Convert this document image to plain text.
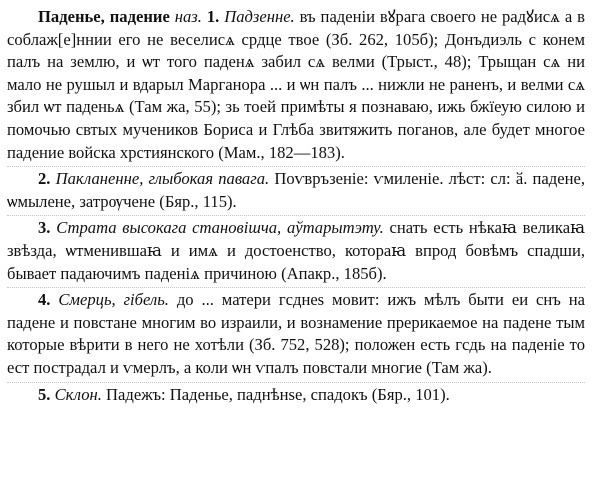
Паденье, падение наз. 1. Падзенне. въ паденiи вꙋрага своего не радꙋисѧ а в соблаж[е]ннии его не веселисѧ срдце твое (Зб. 262, 105б); Донъдиэль с конем палъ на землю, и ѡт того паденѧ забил сѧ велми (Трыст., 48); Трыщан сѧ ни мало не рушыл и вдарыл Марганора ... и ѡн палъ ... нижли не раненъ, и велми сѧ збил ѡт паденьѧ (Там жа, 55); зь тоей примѣты я познаваю, ижь бжїеую силою и помочью свтых мучеников Бориса и Глѣба звитяжить поганов, але будет многое падение войска хрстиянского (Мам., 182—183).

2. Пакланенне, глыбокая павага. Поѵвръзеніе: ѵмиленіе. лѣст: сл: ӑ. падене, ѡмылене, затрѹчене (Бяр., 115).

3. Страта высокага становішча, аўтарытэту. снать есть нѣкаꙗ великаꙗ звѣзда, ѡтменившаꙗ и имѧ и достоенство, котораꙗ впрод бовѣмъ спадши, бывает падаючимъ паденiѧ причиною (Апакр., 185б).

4. Смерць, гібель. до ... матери гсднеѕ мовит: ижъ мѣлъ быти еи снъ на падене и повстане многим во израили, и вознамение прерикаемое на падене тым которые вѣрити в него не хотѣли (Зб. 752, 528); положен есть гсдь на паденiе то ест пострадал и ѵмерлъ, а коли ѡн ѵпалъ повстали многие (Там жа).

5. Склон. Падежъ: Паденье, паднѣнѕе, спадокъ (Бяр., 101).
